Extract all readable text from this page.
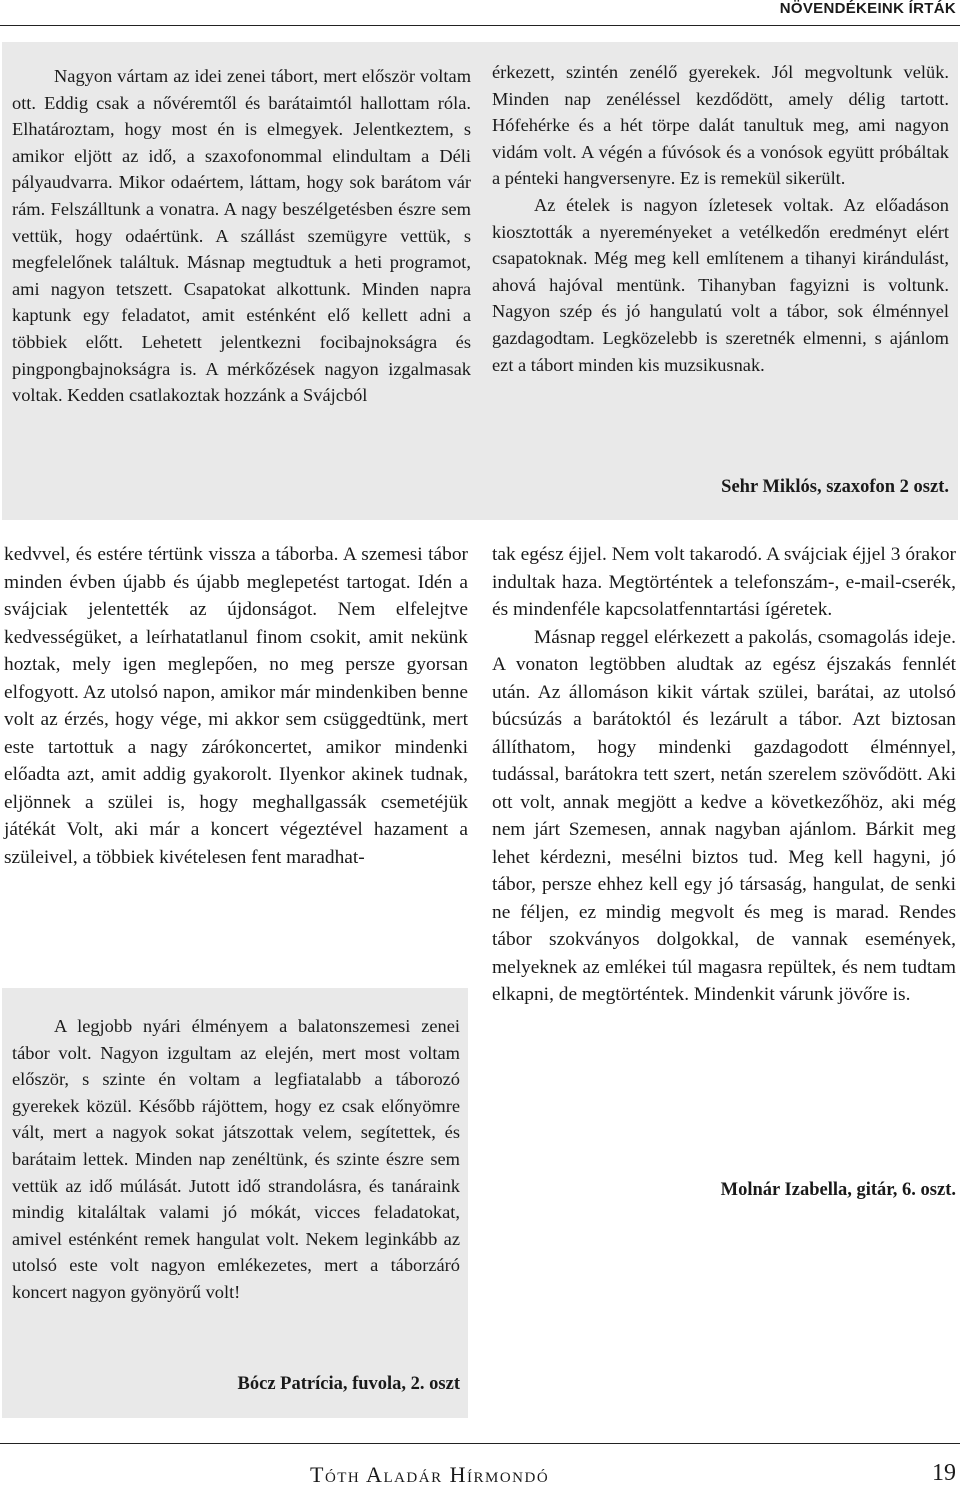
NÖVENDÉKEINK ÍRTÁK

Nagyon vártam az idei zenei tábort, mert először voltam ott. Eddig csak a nővéremtől és barátaimtól hallottam róla. Elhatároztam, hogy most én is elmegyek. Jelentkeztem, s amikor eljött az idő, a szaxofonommal elindultam a Déli pályaudvarra. Mikor odaértem, láttam, hogy sok barátom vár rám. Felszálltunk a vonatra. A nagy beszélgetésben észre sem vettük, hogy odaértünk. A szállást szemügyre vettük, s megfelelőnek találtuk. Másnap megtudtuk a heti programot, ami nagyon tetszett. Csapatokat alkottunk. Minden napra kaptunk egy feladatot, amit esténként elő kellett adni a többiek előtt. Lehetett jelentkezni focibajnokságra és pingpongbajnokságra is. A mérkőzések nagyon izgalmasak voltak. Kedden csatlakoztak hozzánk a Svájcból

érkezett, szintén zenélő gyerekek. Jól megvoltunk velük. Minden nap zenéléssel kezdődött, amely délig tartott. Hófehérke és a hét törpe dalát tanultuk meg, ami nagyon vidám volt. A végén a fúvósok és a vonósok együtt próbáltak a pénteki hangversenyre. Ez is remekül sikerült.

Az ételek is nagyon ízletesek voltak. Az előadáson kiosztották a nyereményeket a vetélkedőn eredményt elért csapatoknak. Még meg kell említenem a tihanyi kirándulást, ahová hajóval mentünk. Tihanyban fagyizni is voltunk. Nagyon szép és jó hangulatú volt a tábor, sok élménnyel gazdagodtam. Legközelebb is szeretnék elmenni, s ajánlom ezt a tábort minden kis muzsikusnak.

Sehr Miklós, szaxofon 2 oszt.

kedvvel, és estére tértünk vissza a táborba. A szemesi tábor minden évben újabb és újabb meglepetést tartogat. Idén a svájciak jelentették az újdonságot. Nem elfelejtve kedvességüket, a leírhatatlanul finom csokit, amit nekünk hoztak, mely igen meglepően, no meg persze gyorsan elfogyott. Az utolsó napon, amikor már mindenkiben benne volt az érzés, hogy vége, mi akkor sem csüggedtünk, mert este tartottuk a nagy zárókoncertet, amikor mindenki előadta azt, amit addig gyakorolt. Ilyenkor akinek tudnak, eljönnek a szülei is, hogy meghallgassák csemetéjük játékát Volt, aki már a koncert végeztével hazament a szüleivel, a többiek kivételesen fent maradhat-

A legjobb nyári élményem a balatonszemesi zenei tábor volt. Nagyon izgultam az elején, mert most voltam először, s szinte én voltam a legfiatalabb a táborozó gyerekek közül. Később rájöttem, hogy ez csak előnyömre vált, mert a nagyok sokat játszottak velem, segítettek, és barátaim lettek. Minden nap zenéltünk, és szinte észre sem vettük az idő múlását. Jutott idő strandolásra, és tanáraink mindig kitaláltak valami jó mókát, vicces feladatokat, amivel esténként remek hangulat volt. Nekem leginkább az utolsó este volt nagyon emlékezetes, mert a táborzáró koncert nagyon gyönyörű volt!

Bócz Patrícia, fuvola, 2. oszt

tak egész éjjel. Nem volt takarodó. A svájciak éjjel 3 órakor indultak haza. Megtörténtek a telefonszám-, e-mail-cserék, és mindenféle kapcsolatfenntartási ígéretek.

Másnap reggel elérkezett a pakolás, csomagolás ideje. A vonaton legtöbben aludtak az egész éjszakás fennlét után. Az állomáson kikit vártak szülei, barátai, az utolsó búcsúzás a barátoktól és lezárult a tábor. Azt biztosan állíthatom, hogy mindenki gazdagodott élménnyel, tudással, barátokra tett szert, netán szerelem szövődött. Aki ott volt, annak megjött a kedve a következőhöz, aki még nem járt Szemesen, annak nagyban ajánlom. Bárkit meg lehet kérdezni, mesélni biztos tud. Meg kell hagyni, jó tábor, persze ehhez kell egy jó társaság, hangulat, de senki ne féljen, ez mindig megvolt és meg is marad. Rendes tábor szokványos dolgokkal, de vannak események, melyeknek az emlékei túl magasra repültek, és nem tudtam elkapni, de megtörténtek. Mindenkit várunk jövőre is.

Molnár Izabella, gitár, 6. oszt.
Tóth Aladár Hírmondó	19
